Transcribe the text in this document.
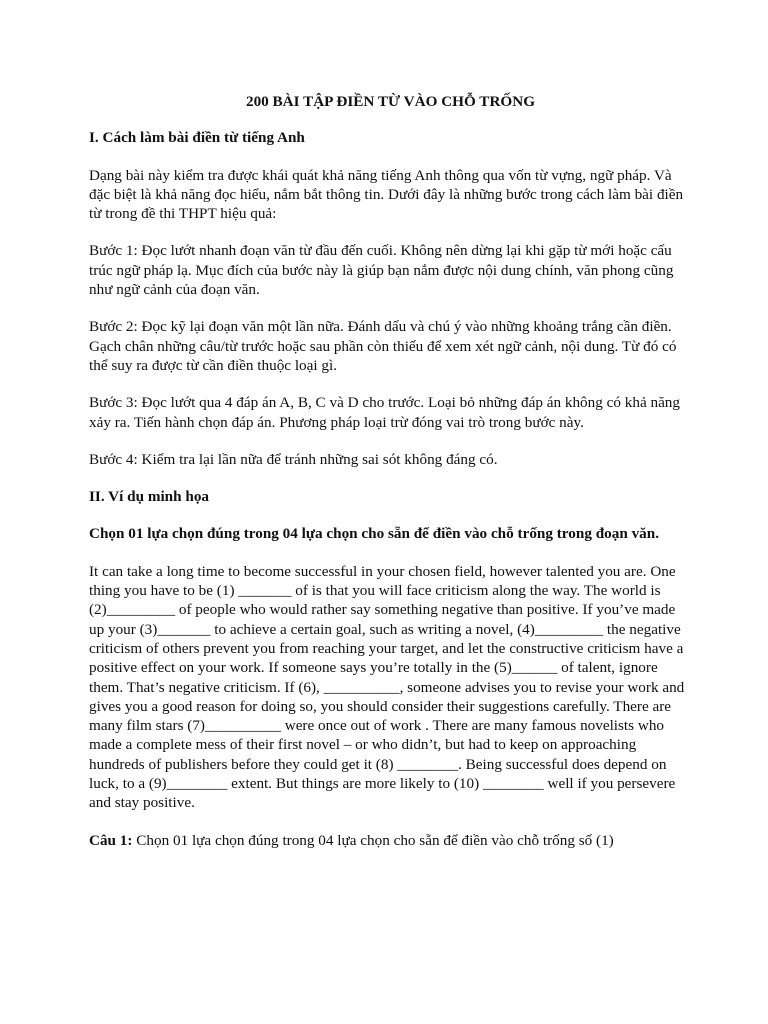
200 BÀI TẬP ĐIỀN TỪ VÀO CHỖ TRỐNG
I. Cách làm bài điền từ tiếng Anh

Dạng bài này kiểm tra được khái quát khả năng tiếng Anh thông qua vốn từ vựng, ngữ pháp. Và đặc biệt là khả năng đọc hiểu, nắm bắt thông tin. Dưới đây là những bước trong cách làm bài điền từ trong đề thi THPT hiệu quả:

Bước 1: Đọc lướt nhanh đoạn văn từ đầu đến cuối. Không nên dừng lại khi gặp từ mới hoặc cấu trúc ngữ pháp lạ. Mục đích của bước này là giúp bạn nắm được nội dung chính, văn phong cũng như ngữ cảnh của đoạn văn.

Bước 2: Đọc kỹ lại đoạn văn một lần nữa. Đánh dấu và chú ý vào những khoảng trắng cần điền. Gạch chân những câu/từ trước hoặc sau phần còn thiếu để xem xét ngữ cảnh, nội dung. Từ đó có thể suy ra được từ cần điền thuộc loại gì.

Bước 3: Đọc lướt qua 4 đáp án A, B, C và D cho trước. Loại bỏ những đáp án không có khả năng xảy ra. Tiến hành chọn đáp án. Phương pháp loại trừ đóng vai trò trong bước này.

Bước 4: Kiểm tra lại lần nữa để tránh những sai sót không đáng có.

II. Ví dụ minh họa

Chọn 01 lựa chọn đúng trong 04 lựa chọn cho sẵn để điền vào chỗ trống trong đoạn văn.

It can take a long time to become successful in your chosen field, however talented you are. One thing you have to be (1) _______ of is that you will face criticism along the way. The world is (2)_________ of people who would rather say something negative than positive. If you’ve made up your (3)_______ to achieve a certain goal, such as writing a novel, (4)_________ the negative criticism of others prevent you from reaching your target, and let the constructive criticism have a positive effect on your work. If someone says you’re totally in the (5)______ of talent, ignore them. That’s negative criticism. If (6), __________, someone advises you to revise your work and gives you a good reason for doing so, you should consider their suggestions carefully. There are many film stars (7)__________ were once out of work . There are many famous novelists who made a complete mess of their first novel – or who didn’t, but had to keep on approaching hundreds of publishers before they could get it (8) ________. Being successful does depend on luck, to a (9)________ extent. But things are more likely to (10) ________ well if you persevere and stay positive.

Câu 1: Chọn 01 lựa chọn đúng trong 04 lựa chọn cho sẵn để điền vào chỗ trống số (1)
